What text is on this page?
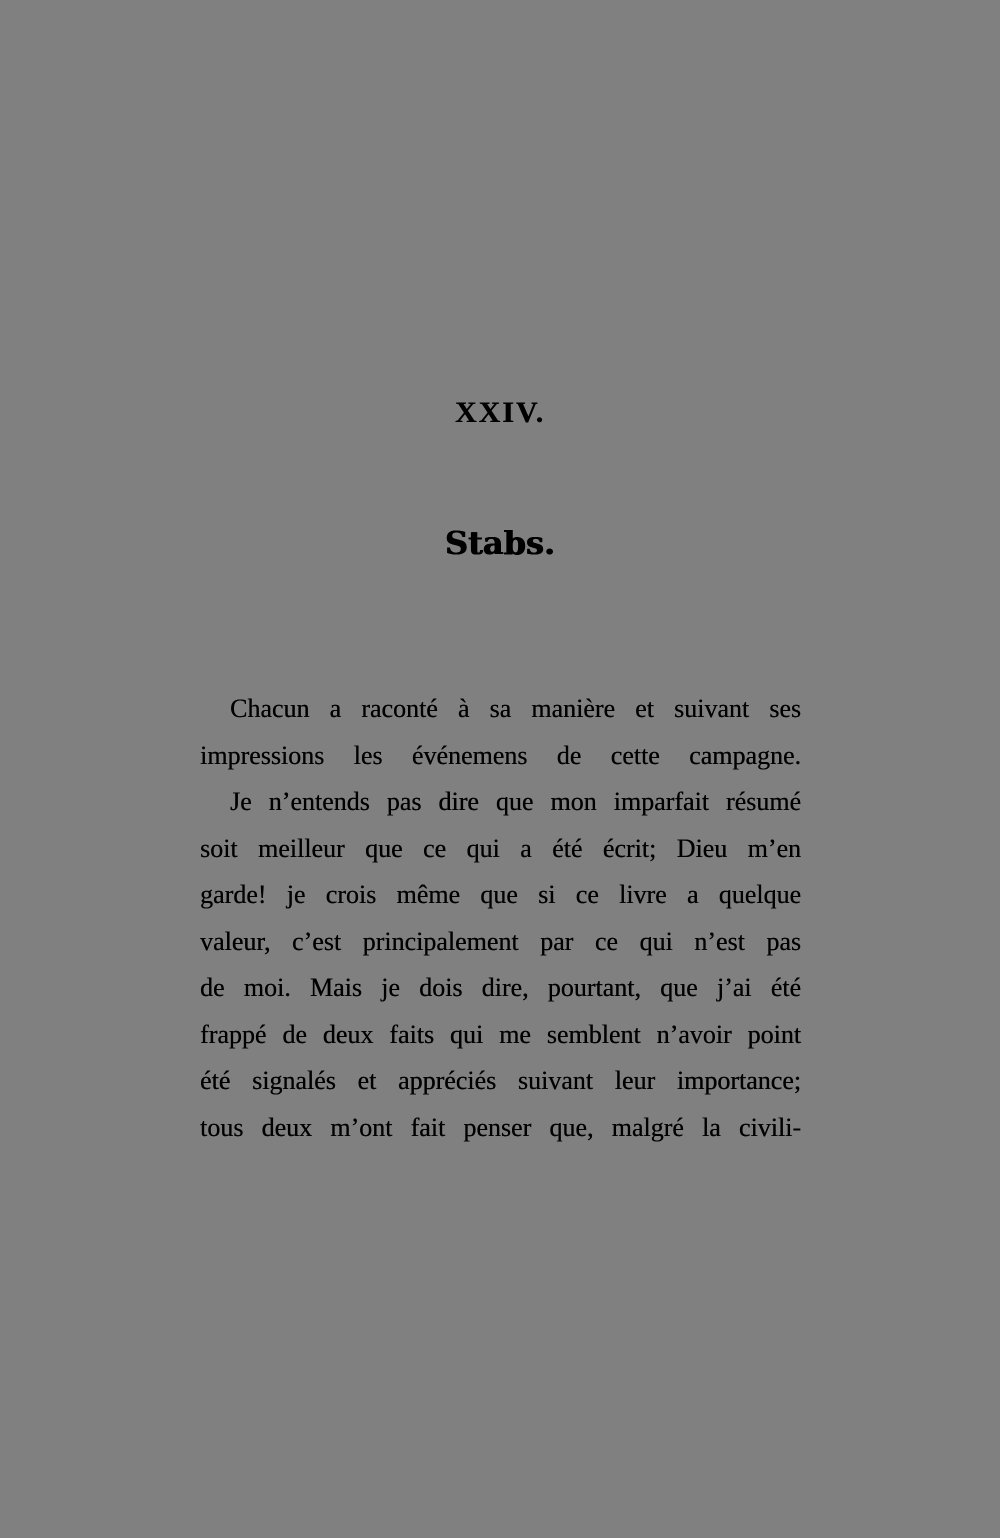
XXIV.
Stabs.
Chacun a raconté à sa manière et suivant ses
impressions les événemens de cette campagne.
Je n’entends pas dire que mon imparfait résumé
soit meilleur que ce qui a été écrit; Dieu m’en
garde! je crois même que si ce livre a quelque
valeur, c’est principalement par ce qui n’est pas
de moi. Mais je dois dire, pourtant, que j’ai été
frappé de deux faits qui me semblent n’avoir point
été signalés et appréciés suivant leur importance;
tous deux m’ont fait penser que, malgré la civili-
